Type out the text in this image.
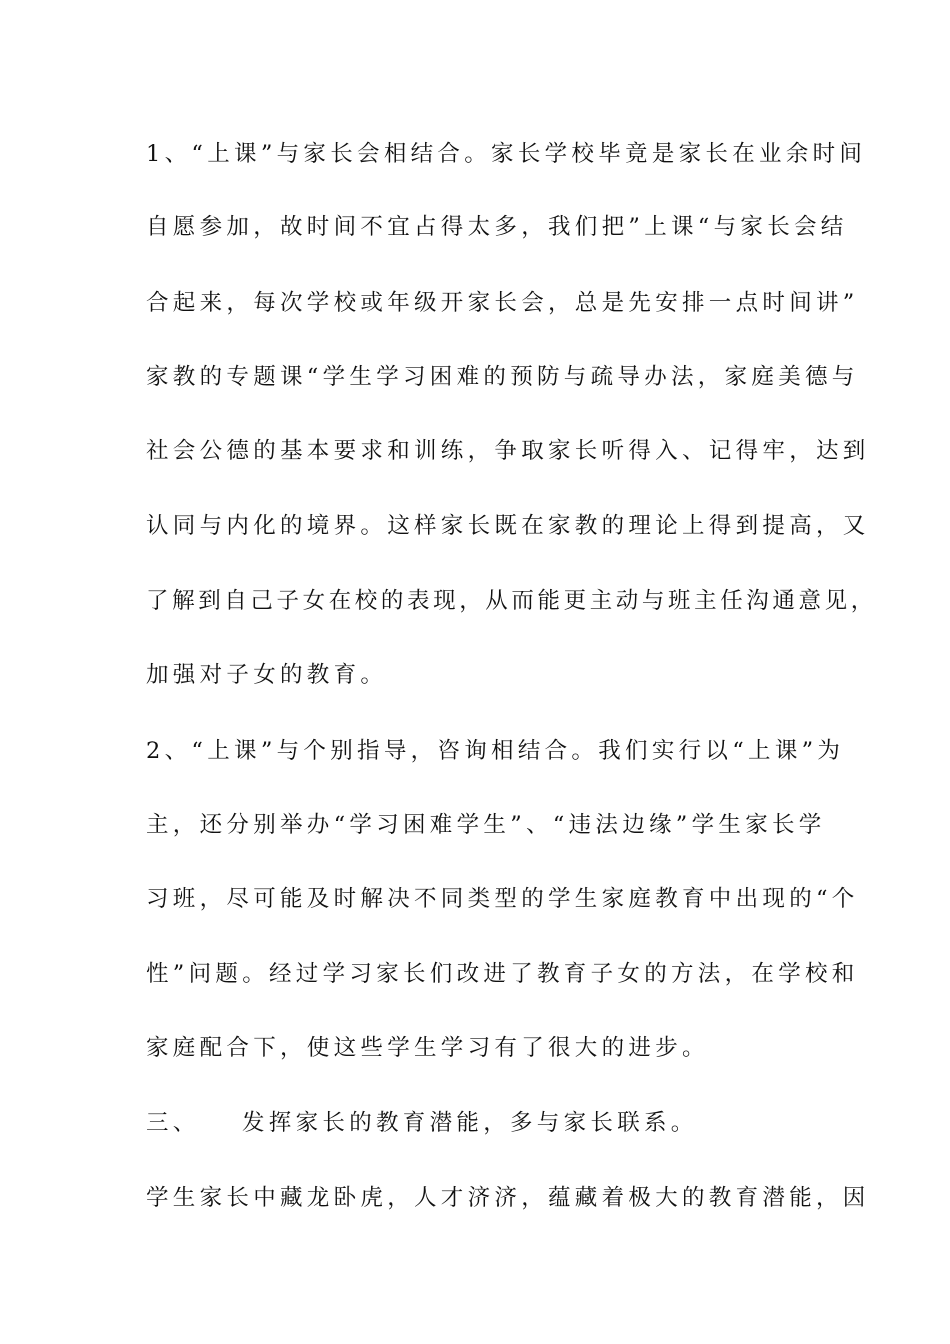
1、“上课”与家长会相结合。家长学校毕竟是家长在业余时间
自愿参加，故时间不宜占得太多，我们把”上课“与家长会结
合起来，每次学校或年级开家长会，总是先安排一点时间讲”
家教的专题课“学生学习困难的预防与疏导办法，家庭美德与
社会公德的基本要求和训练，争取家长听得入、记得牢，达到
认同与内化的境界。这样家长既在家教的理论上得到提高，又
了解到自己子女在校的表现，从而能更主动与班主任沟通意见，
加强对子女的教育。
2、“上课”与个别指导，咨询相结合。我们实行以“上课”为
主，还分别举办“学习困难学生”、“违法边缘”学生家长学
习班，尽可能及时解决不同类型的学生家庭教育中出现的“个
性”问题。经过学习家长们改进了教育子女的方法，在学校和
家庭配合下，使这些学生学习有了很大的进步。
三、 发挥家长的教育潜能，多与家长联系。
学生家长中藏龙卧虎，人才济济，蕴藏着极大的教育潜能，因
